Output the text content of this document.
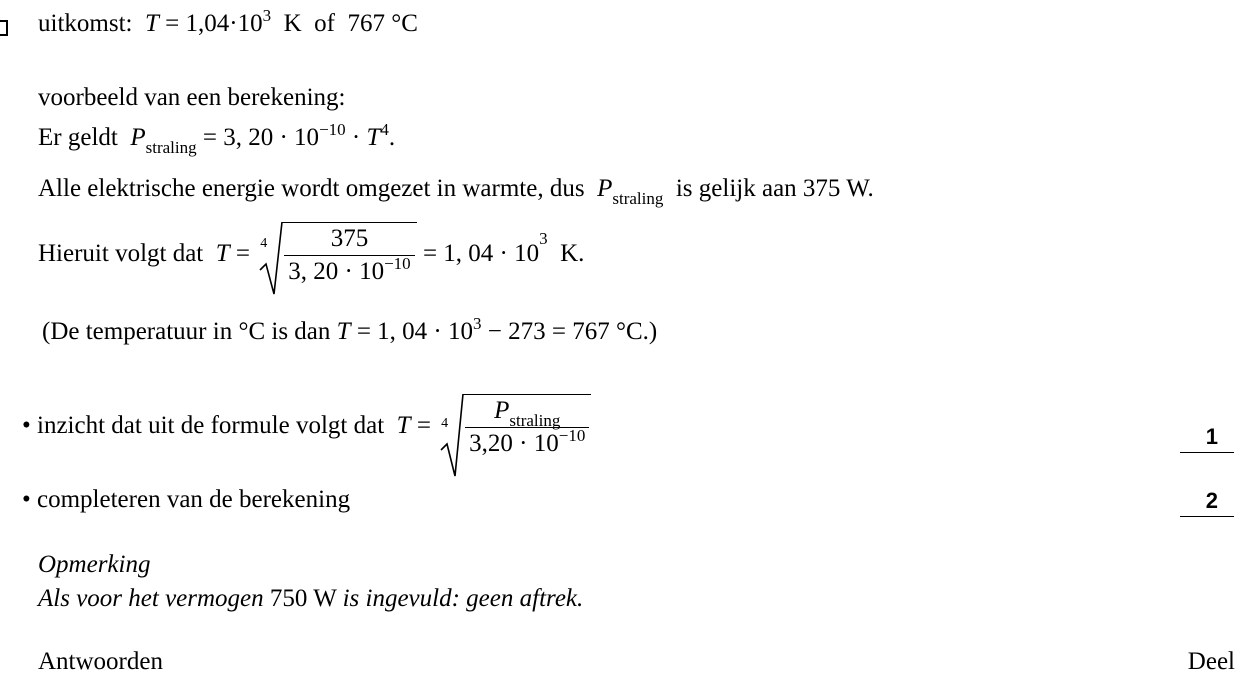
uitkomst: $T = 1,04\cdot 10^3$ K of 767 °C
voorbeeld van een berekening:
Er geldt $P_{straling} = 3$, $20 \cdot 10^{-10} \cdot T^4$.
Alle elektrische energie wordt omgezet in warmte, dus $P_{straling}$ is gelijk aan 375 W.
Hieruit volgt dat $T = 4 \frac{375}{3, 20 \cdot 10^{-10}} = 1$, $04 \cdot 10^3$  K.
(De temperatuur in °C is dan T = 1, $04 \cdot 10^3 - 273 = 767$ °C.)
• inzicht dat uit de formule volgt dat $T = 4 \frac{P_{straling}}{3,20 \cdot 10^{-10}}$	1
• completeren van de berekening	2
Opmerking
Als voor het vermogen 750 W is ingevuld: geen aftrek.
Antwoorden	Deel
